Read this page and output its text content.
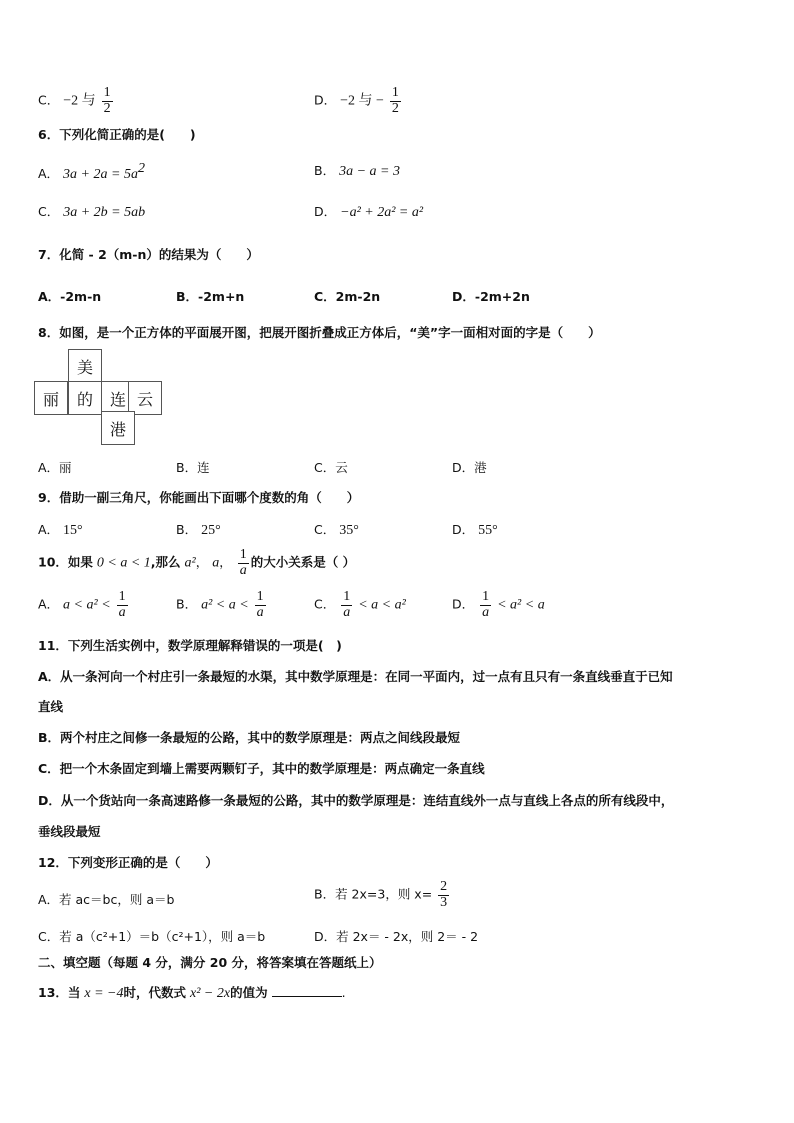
C． −2 与 $\frac{1}{2}$	D． −2 与 − $\frac{1}{2}$
6．下列化简正确的是(　　)
A． $3a + 2a = 5a^2$	B． 3a − a = 3
C． 3a + 2b = 5ab	D． −a² + 2a² = a²
7．化简 - 2（m-n）的结果为（　　）
A．-2m-n	B．-2m+n	C．2m-2n	D．-2m+2n
8．如图，是一个正方体的平面展开图，把展开图折叠成正方体后，“美”字一面相对面的字是（　　）
美
丽	的	连 云
港
A．丽	B．连	C．云	D．港
9．借助一副三角尺，你能画出下面哪个度数的角（　　）
A． 15°	B． 25°	C． 35°	D． 55°
10．如果 0 < a < 1,那么 a²， a， $\frac{1}{a}$ 的大小关系是（ ）
A． $a < a^2 < \frac{1}{a}$	B． $a^2 < a < \frac{1}{a}$	C． $\frac{1}{a} < a < a^2$	D． $\frac{1}{a} < a^2 < a$
11．下列生活实例中，数学原理解释错误的一项是(　)
A．从一条河向一个村庄引一条最短的水渠，其中数学原理是：在同一平面内，过一点有且只有一条直线垂直于已知
直线
B．两个村庄之间修一条最短的公路，其中的数学原理是：两点之间线段最短
C．把一个木条固定到墙上需要两颗钉子，其中的数学原理是：两点确定一条直线
D．从一个货站向一条高速路修一条最短的公路，其中的数学原理是：连结直线外一点与直线上各点的所有线段中，
垂线段最短
12．下列变形正确的是（　　）
A．若 ac＝bc，则 a＝b	B．若 2x=3，则 $x= \frac{2}{3}$
C．若 a（c²+1）＝b（c²+1），则 a＝b	D．若 2x＝ - 2x，则 2＝ - 2
二、填空题（每题 4 分，满分 20 分，将答案填在答题纸上）
13．当 x = −4时，代数式 x² − 2x的值为	.
